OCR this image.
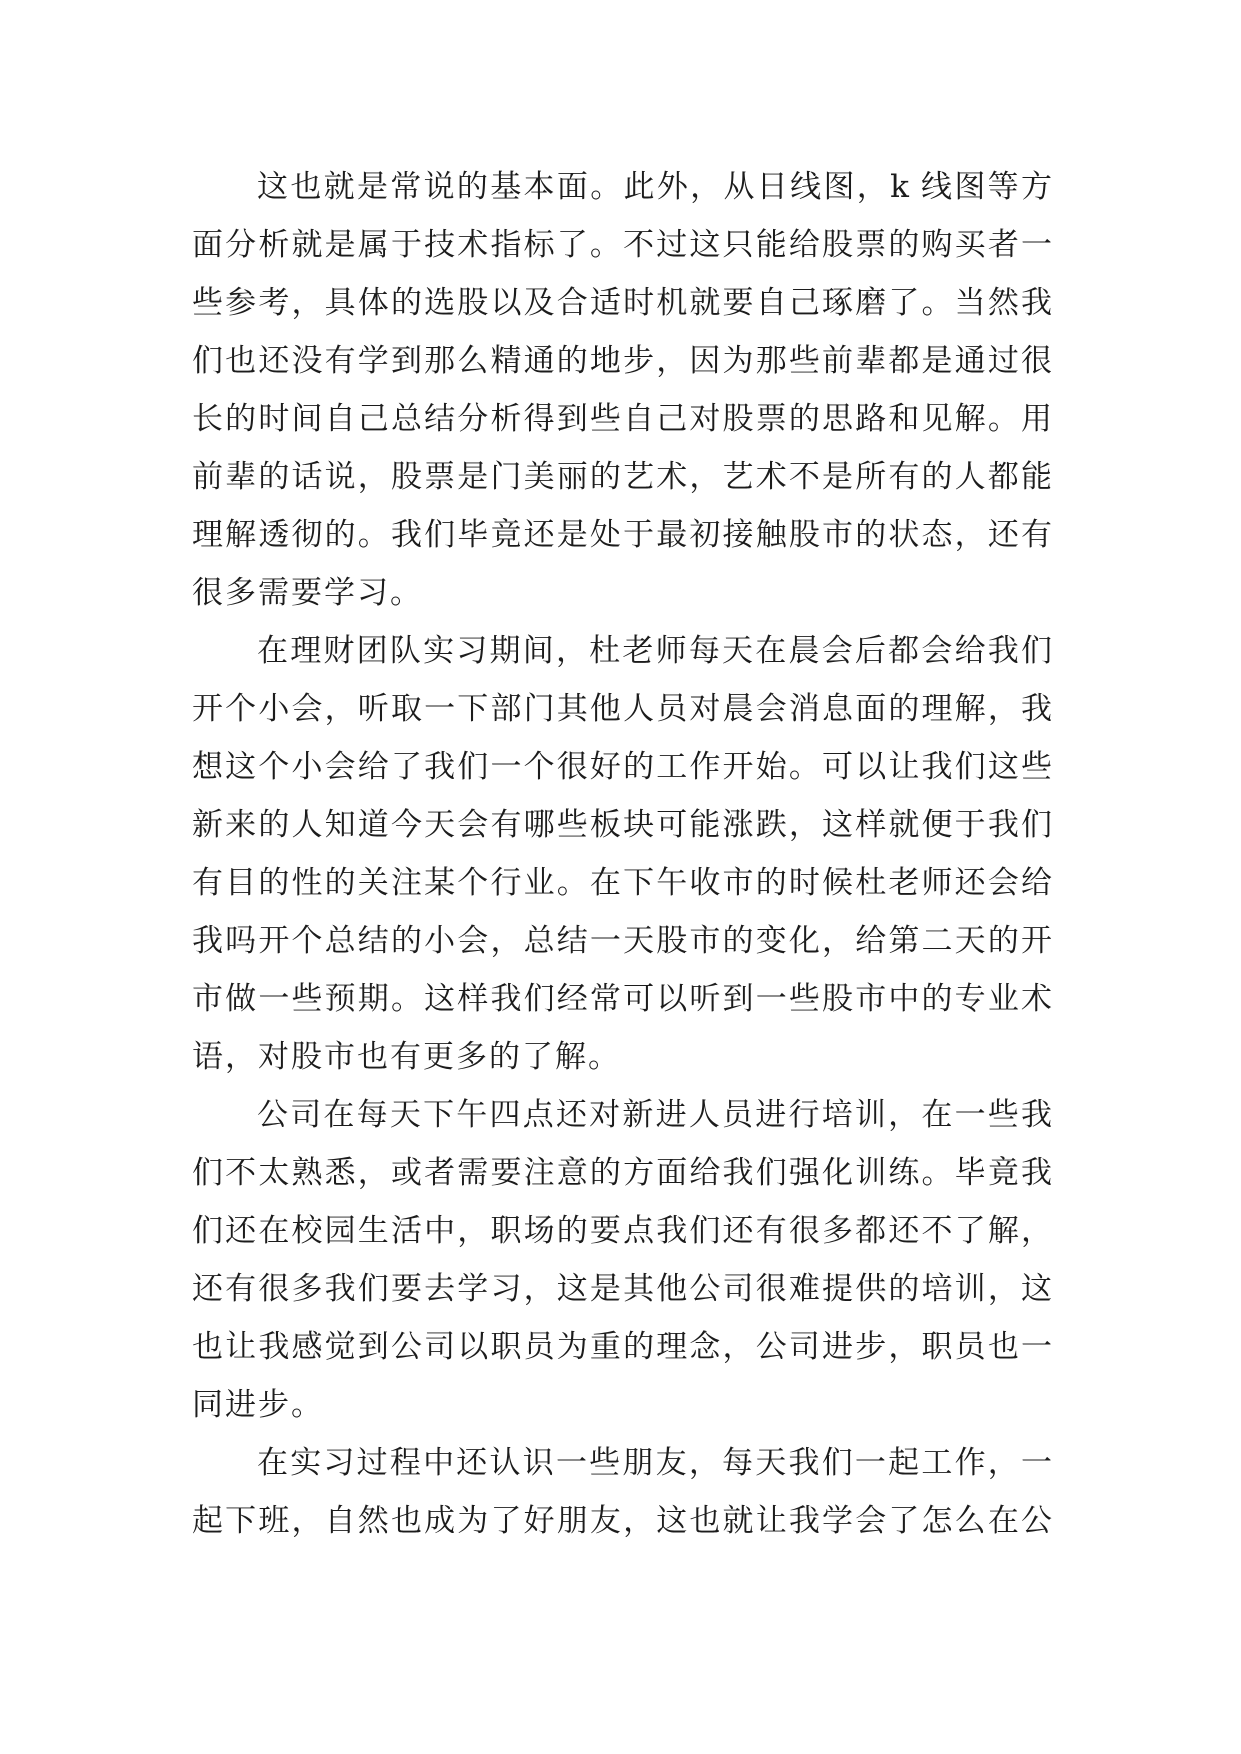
这也就是常说的基本面。此外，从日线图，k 线图等方
面分析就是属于技术指标了。不过这只能给股票的购买者一
些参考，具体的选股以及合适时机就要自己琢磨了。当然我
们也还没有学到那么精通的地步，因为那些前辈都是通过很
长的时间自己总结分析得到些自己对股票的思路和见解。用
前辈的话说，股票是门美丽的艺术，艺术不是所有的人都能
理解透彻的。我们毕竟还是处于最初接触股市的状态，还有
很多需要学习。
在理财团队实习期间，杜老师每天在晨会后都会给我们
开个小会，听取一下部门其他人员对晨会消息面的理解，我
想这个小会给了我们一个很好的工作开始。可以让我们这些
新来的人知道今天会有哪些板块可能涨跌，这样就便于我们
有目的性的关注某个行业。在下午收市的时候杜老师还会给
我吗开个总结的小会，总结一天股市的变化，给第二天的开
市做一些预期。这样我们经常可以听到一些股市中的专业术
语，对股市也有更多的了解。
公司在每天下午四点还对新进人员进行培训，在一些我
们不太熟悉，或者需要注意的方面给我们强化训练。毕竟我
们还在校园生活中，职场的要点我们还有很多都还不了解，
还有很多我们要去学习，这是其他公司很难提供的培训，这
也让我感觉到公司以职员为重的理念，公司进步，职员也一
同进步。
在实习过程中还认识一些朋友，每天我们一起工作，一
起下班，自然也成为了好朋友，这也就让我学会了怎么在公
